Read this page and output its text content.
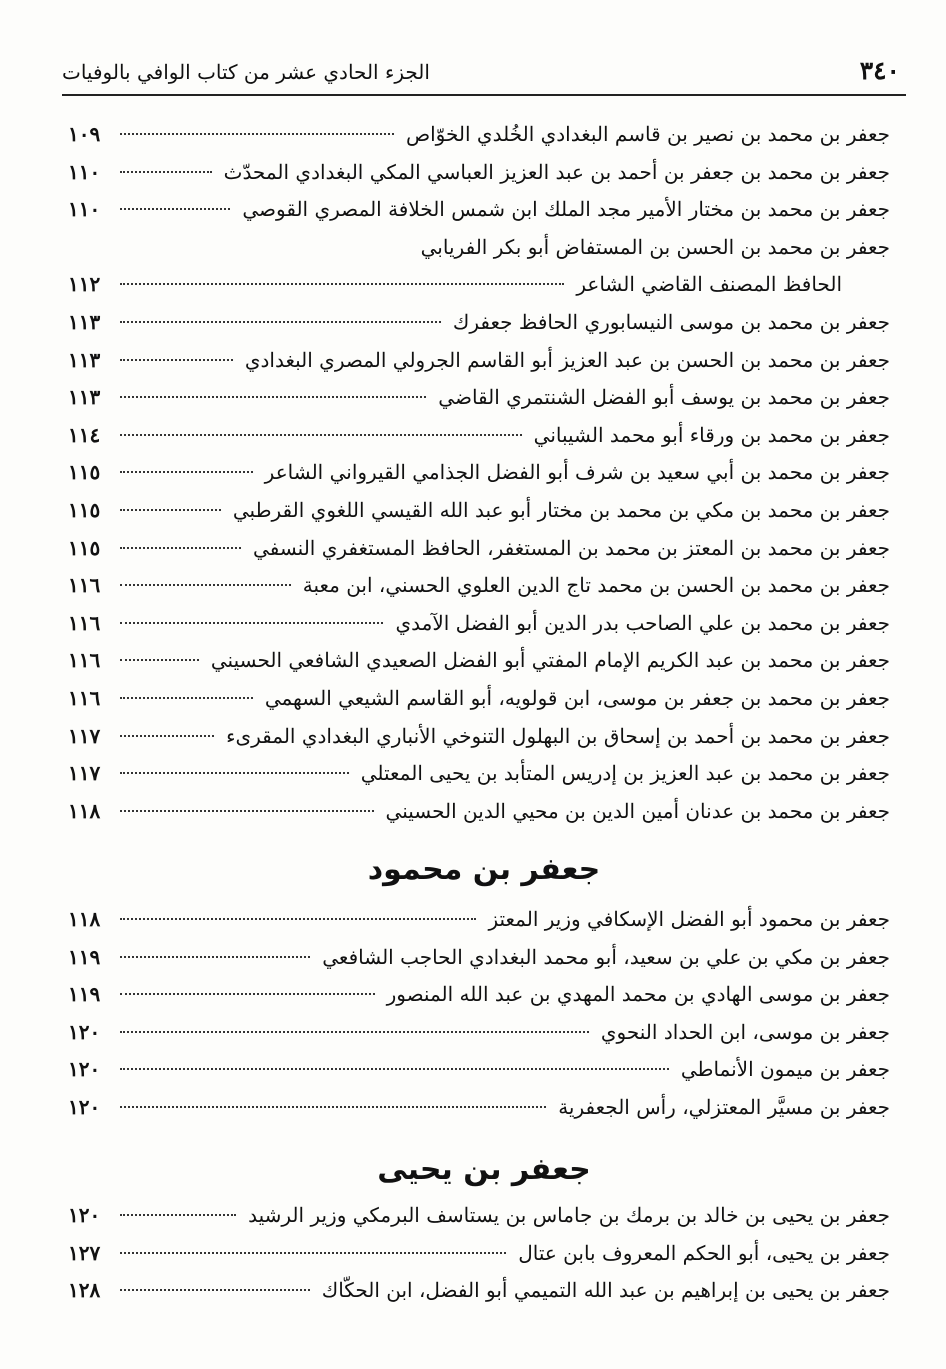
٣٤٠
الجزء الحادي عشر من كتاب الوافي بالوفيات
جعفر بن محمد بن نصير بن قاسم البغدادي الخُلدي الخوّاص
١٠٩
جعفر بن محمد بن جعفر بن أحمد بن عبد العزيز العباسي المكي البغدادي المحدّث
١١٠
جعفر بن محمد بن مختار الأمير مجد الملك ابن شمس الخلافة المصري القوصي
١١٠
جعفر بن محمد بن الحسن بن المستفاض أبو بكر الفريابي
الحافظ المصنف القاضي الشاعر
١١٢
جعفر بن محمد بن موسى النيسابوري الحافظ جعفرك
١١٣
جعفر بن محمد بن الحسن بن عبد العزيز أبو القاسم الجرولي المصري البغدادي
١١٣
جعفر بن محمد بن يوسف أبو الفضل الشنتمري القاضي
١١٣
جعفر بن محمد بن ورقاء أبو محمد الشيباني
١١٤
جعفر بن محمد بن أبي سعيد بن شرف أبو الفضل الجذامي القيرواني الشاعر
١١٥
جعفر بن محمد بن مكي بن محمد بن مختار أبو عبد الله القيسي اللغوي القرطبي
١١٥
جعفر بن محمد بن المعتز بن محمد بن المستغفر، الحافظ المستغفري النسفي
١١٥
جعفر بن محمد بن الحسن بن محمد تاج الدين العلوي الحسني، ابن معبة
١١٦
جعفر بن محمد بن علي الصاحب بدر الدين أبو الفضل الآمدي
١١٦
جعفر بن محمد بن عبد الكريم الإمام المفتي أبو الفضل الصعيدي الشافعي الحسيني
١١٦
جعفر بن محمد بن جعفر بن موسى، ابن قولويه، أبو القاسم الشيعي السهمي
١١٦
جعفر بن محمد بن أحمد بن إسحاق بن البهلول التنوخي الأنباري البغدادي المقرىء
١١٧
جعفر بن محمد بن عبد العزيز بن إدريس المتأبد بن يحيى المعتلي
١١٧
جعفر بن محمد بن عدنان أمين الدين بن محيي الدين الحسيني
١١٨
جعفر بن محمود
جعفر بن محمود أبو الفضل الإسكافي وزير المعتز
١١٨
جعفر بن مكي بن علي بن سعيد، أبو محمد البغدادي الحاجب الشافعي
١١٩
جعفر بن موسى الهادي بن محمد المهدي بن عبد الله المنصور
١١٩
جعفر بن موسى، ابن الحداد النحوي
١٢٠
جعفر بن ميمون الأنماطي
١٢٠
جعفر بن مسيَّر المعتزلي، رأس الجعفرية
١٢٠
جعفر بن يحيى
جعفر بن يحيى بن خالد بن برمك بن جاماس بن يستاسف البرمكي وزير الرشيد
١٢٠
جعفر بن يحيى، أبو الحكم المعروف بابن عتال
١٢٧
جعفر بن يحيى بن إبراهيم بن عبد الله التميمي أبو الفضل، ابن الحكّاك
١٢٨
